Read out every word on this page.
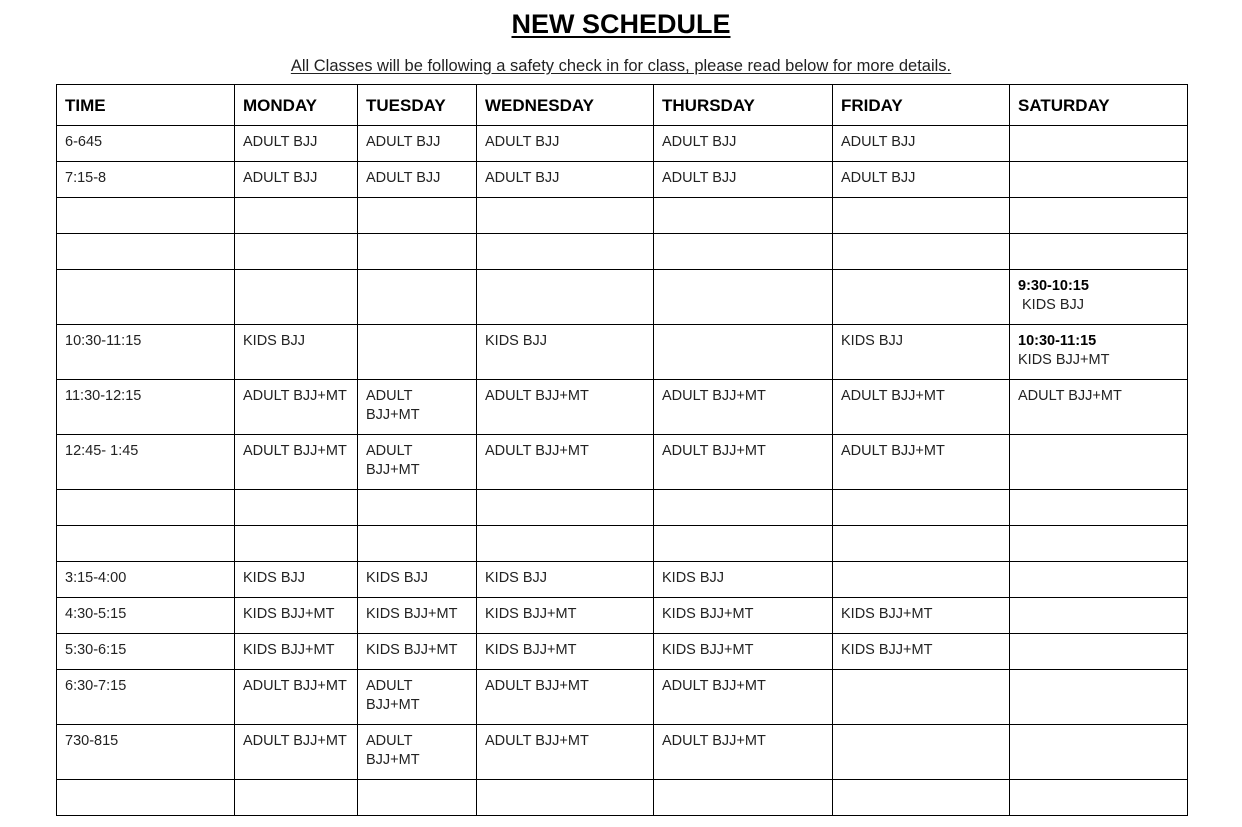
NEW SCHEDULE
All Classes will be following a safety check in for class, please read below for more details.
TIME	MONDAY	TUESDAY	WEDNESDAY	THURSDAY	FRIDAY	SATURDAY
6-645	ADULT BJJ	ADULT BJJ	ADULT BJJ	ADULT BJJ	ADULT BJJ	
7:15-8	ADULT BJJ	ADULT BJJ	ADULT BJJ	ADULT BJJ	ADULT BJJ	

						9:30-10:15
KIDS BJJ

10:30-11:15	KIDS BJJ		KIDS BJJ		KIDS BJJ	10:30-11:15
KIDS BJJ+MT

11:30-12:15	ADULT BJJ+MT	ADULT BJJ+MT	ADULT BJJ+MT	ADULT BJJ+MT	ADULT BJJ+MT	ADULT BJJ+MT
12:45- 1:45	ADULT BJJ+MT	ADULT BJJ+MT	ADULT BJJ+MT	ADULT BJJ+MT	ADULT BJJ+MT	

3:15-4:00	KIDS BJJ	KIDS BJJ	KIDS BJJ	KIDS BJJ		
4:30-5:15	KIDS BJJ+MT	KIDS BJJ+MT	KIDS BJJ+MT	KIDS BJJ+MT	KIDS BJJ+MT	
5:30-6:15	KIDS BJJ+MT	KIDS BJJ+MT	KIDS BJJ+MT	KIDS BJJ+MT	KIDS BJJ+MT	
6:30-7:15	ADULT BJJ+MT	ADULT BJJ+MT	ADULT BJJ+MT	ADULT BJJ+MT		
730-815	ADULT BJJ+MT	ADULT BJJ+MT	ADULT BJJ+MT	ADULT BJJ+MT		
